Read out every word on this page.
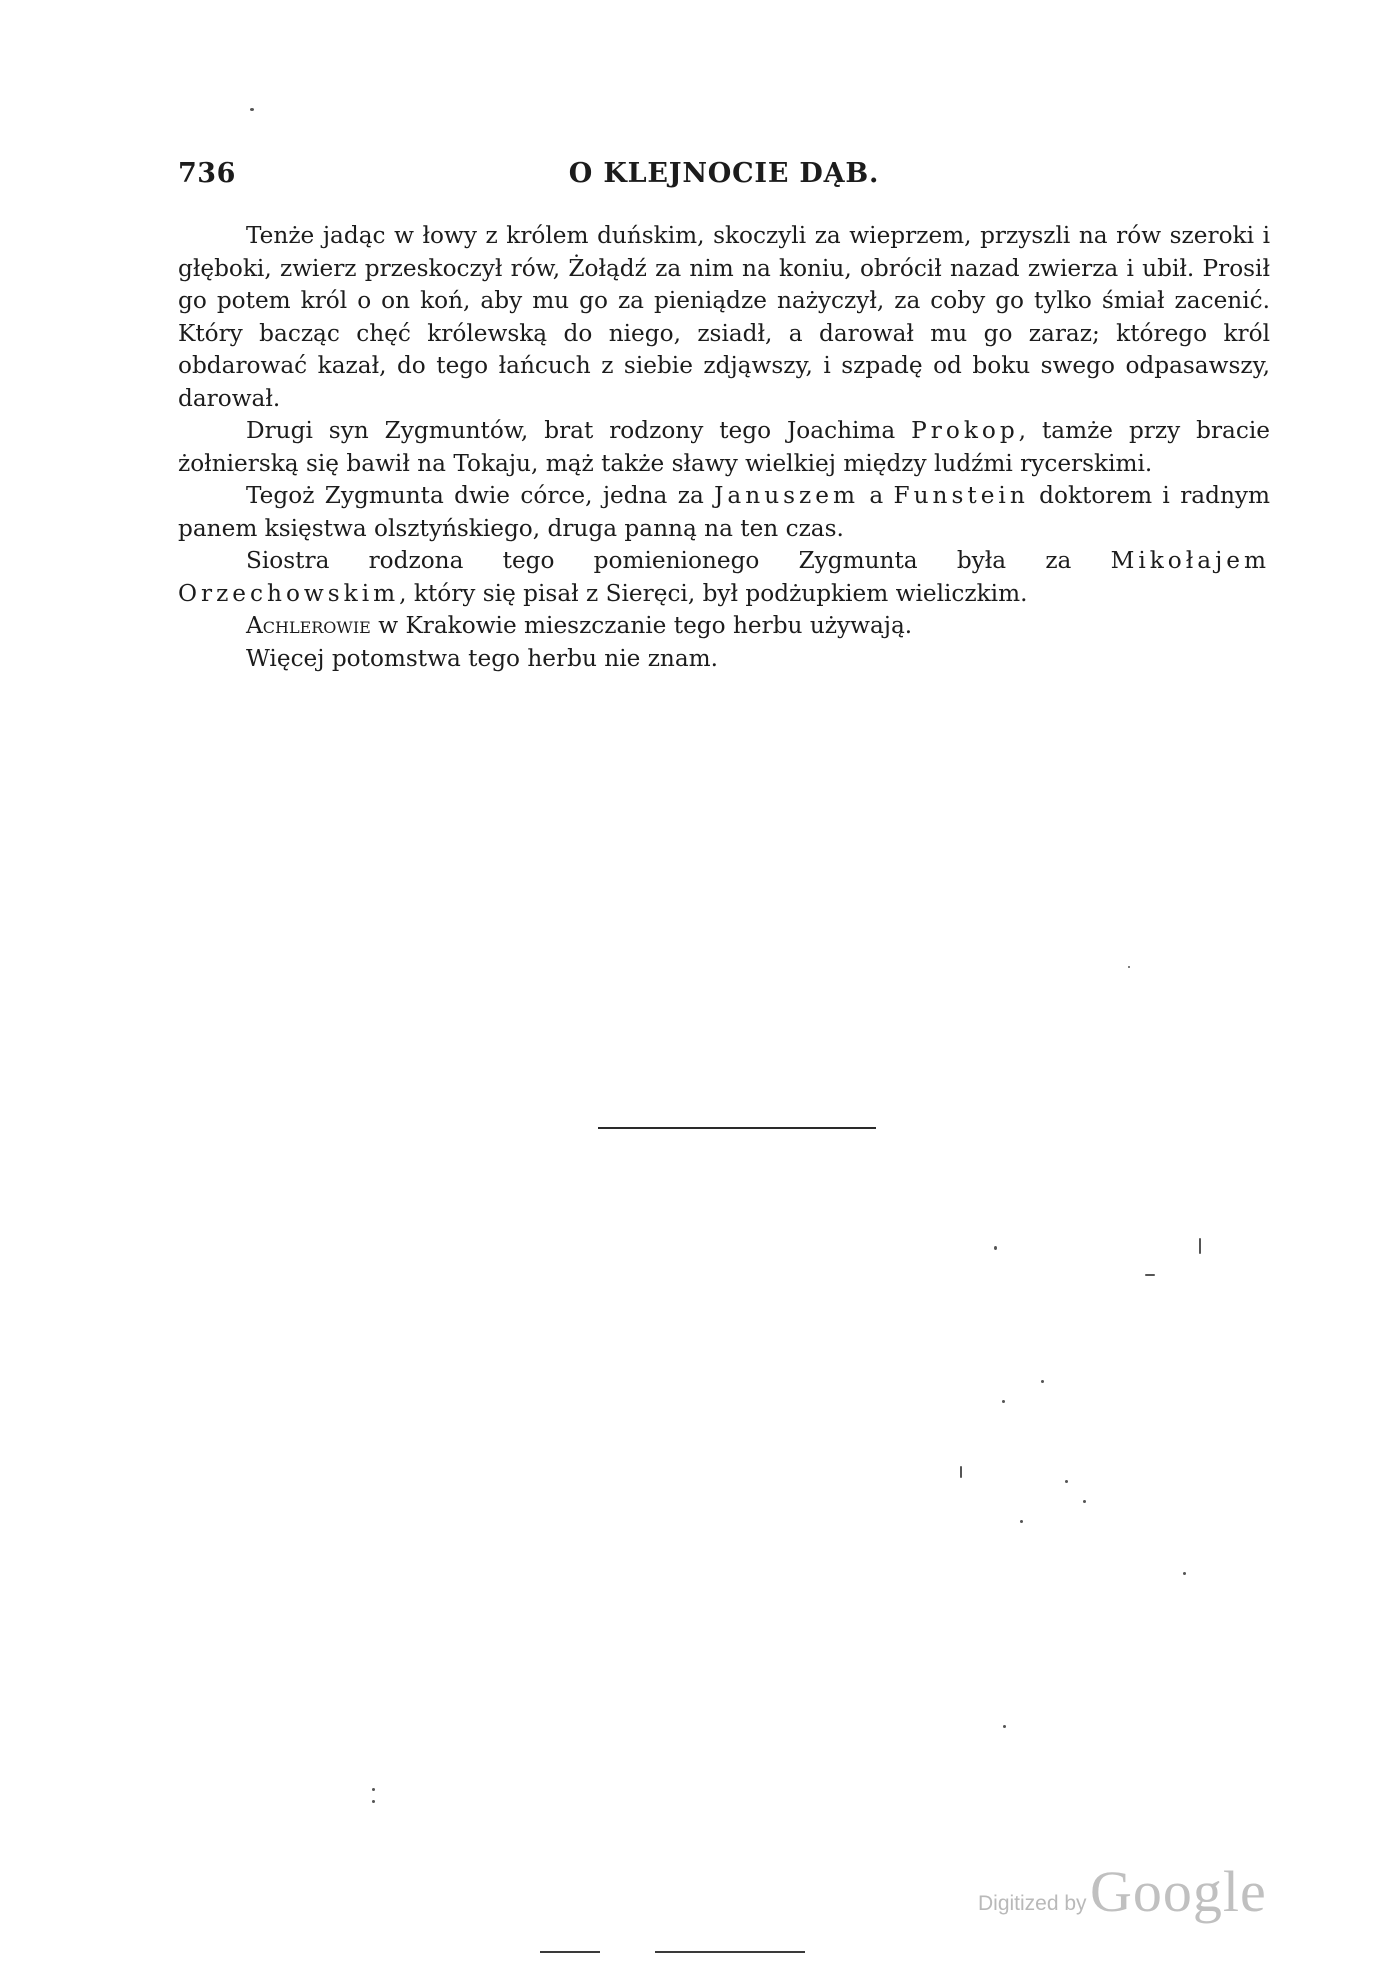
736	O KLEJNOCIE DĄB.

Tenże jadąc w łowy z królem duńskim, skoczyli za wieprzem, przyszli na rów szeroki i głęboki, zwierz przeskoczył rów, Żołądź za nim na koniu, obrócił nazad zwierza i ubił. Prosił go potem król o on koń, aby mu go za pieniądze nażyczył, za coby go tylko śmiał zacenić. Który bacząc chęć królewską do niego, zsiadł, a darował mu go zaraz; którego król obdarować kazał, do tego łańcuch z siebie zdjąwszy, i szpadę od boku swego odpasawszy, darował.

Drugi syn Zygmuntów, brat rodzony tego Joachima Prokop, tamże przy bracie żołnierską się bawił na Tokaju, mąż także sławy wielkiej między ludźmi rycerskimi.

Tegoż Zygmunta dwie córce, jedna za Januszem a Funstein doktorem i radnym panem księstwa olsztyńskiego, druga panną na ten czas.

Siostra rodzona tego pomienionego Zygmunta była za Mikołajem Orzechowskim, który się pisał z Sieręci, był podżupkiem wieliczkim.

Achlerowie w Krakowie mieszczanie tego herbu używają.

Więcej potomstwa tego herbu nie znam.

Digitized by Google
